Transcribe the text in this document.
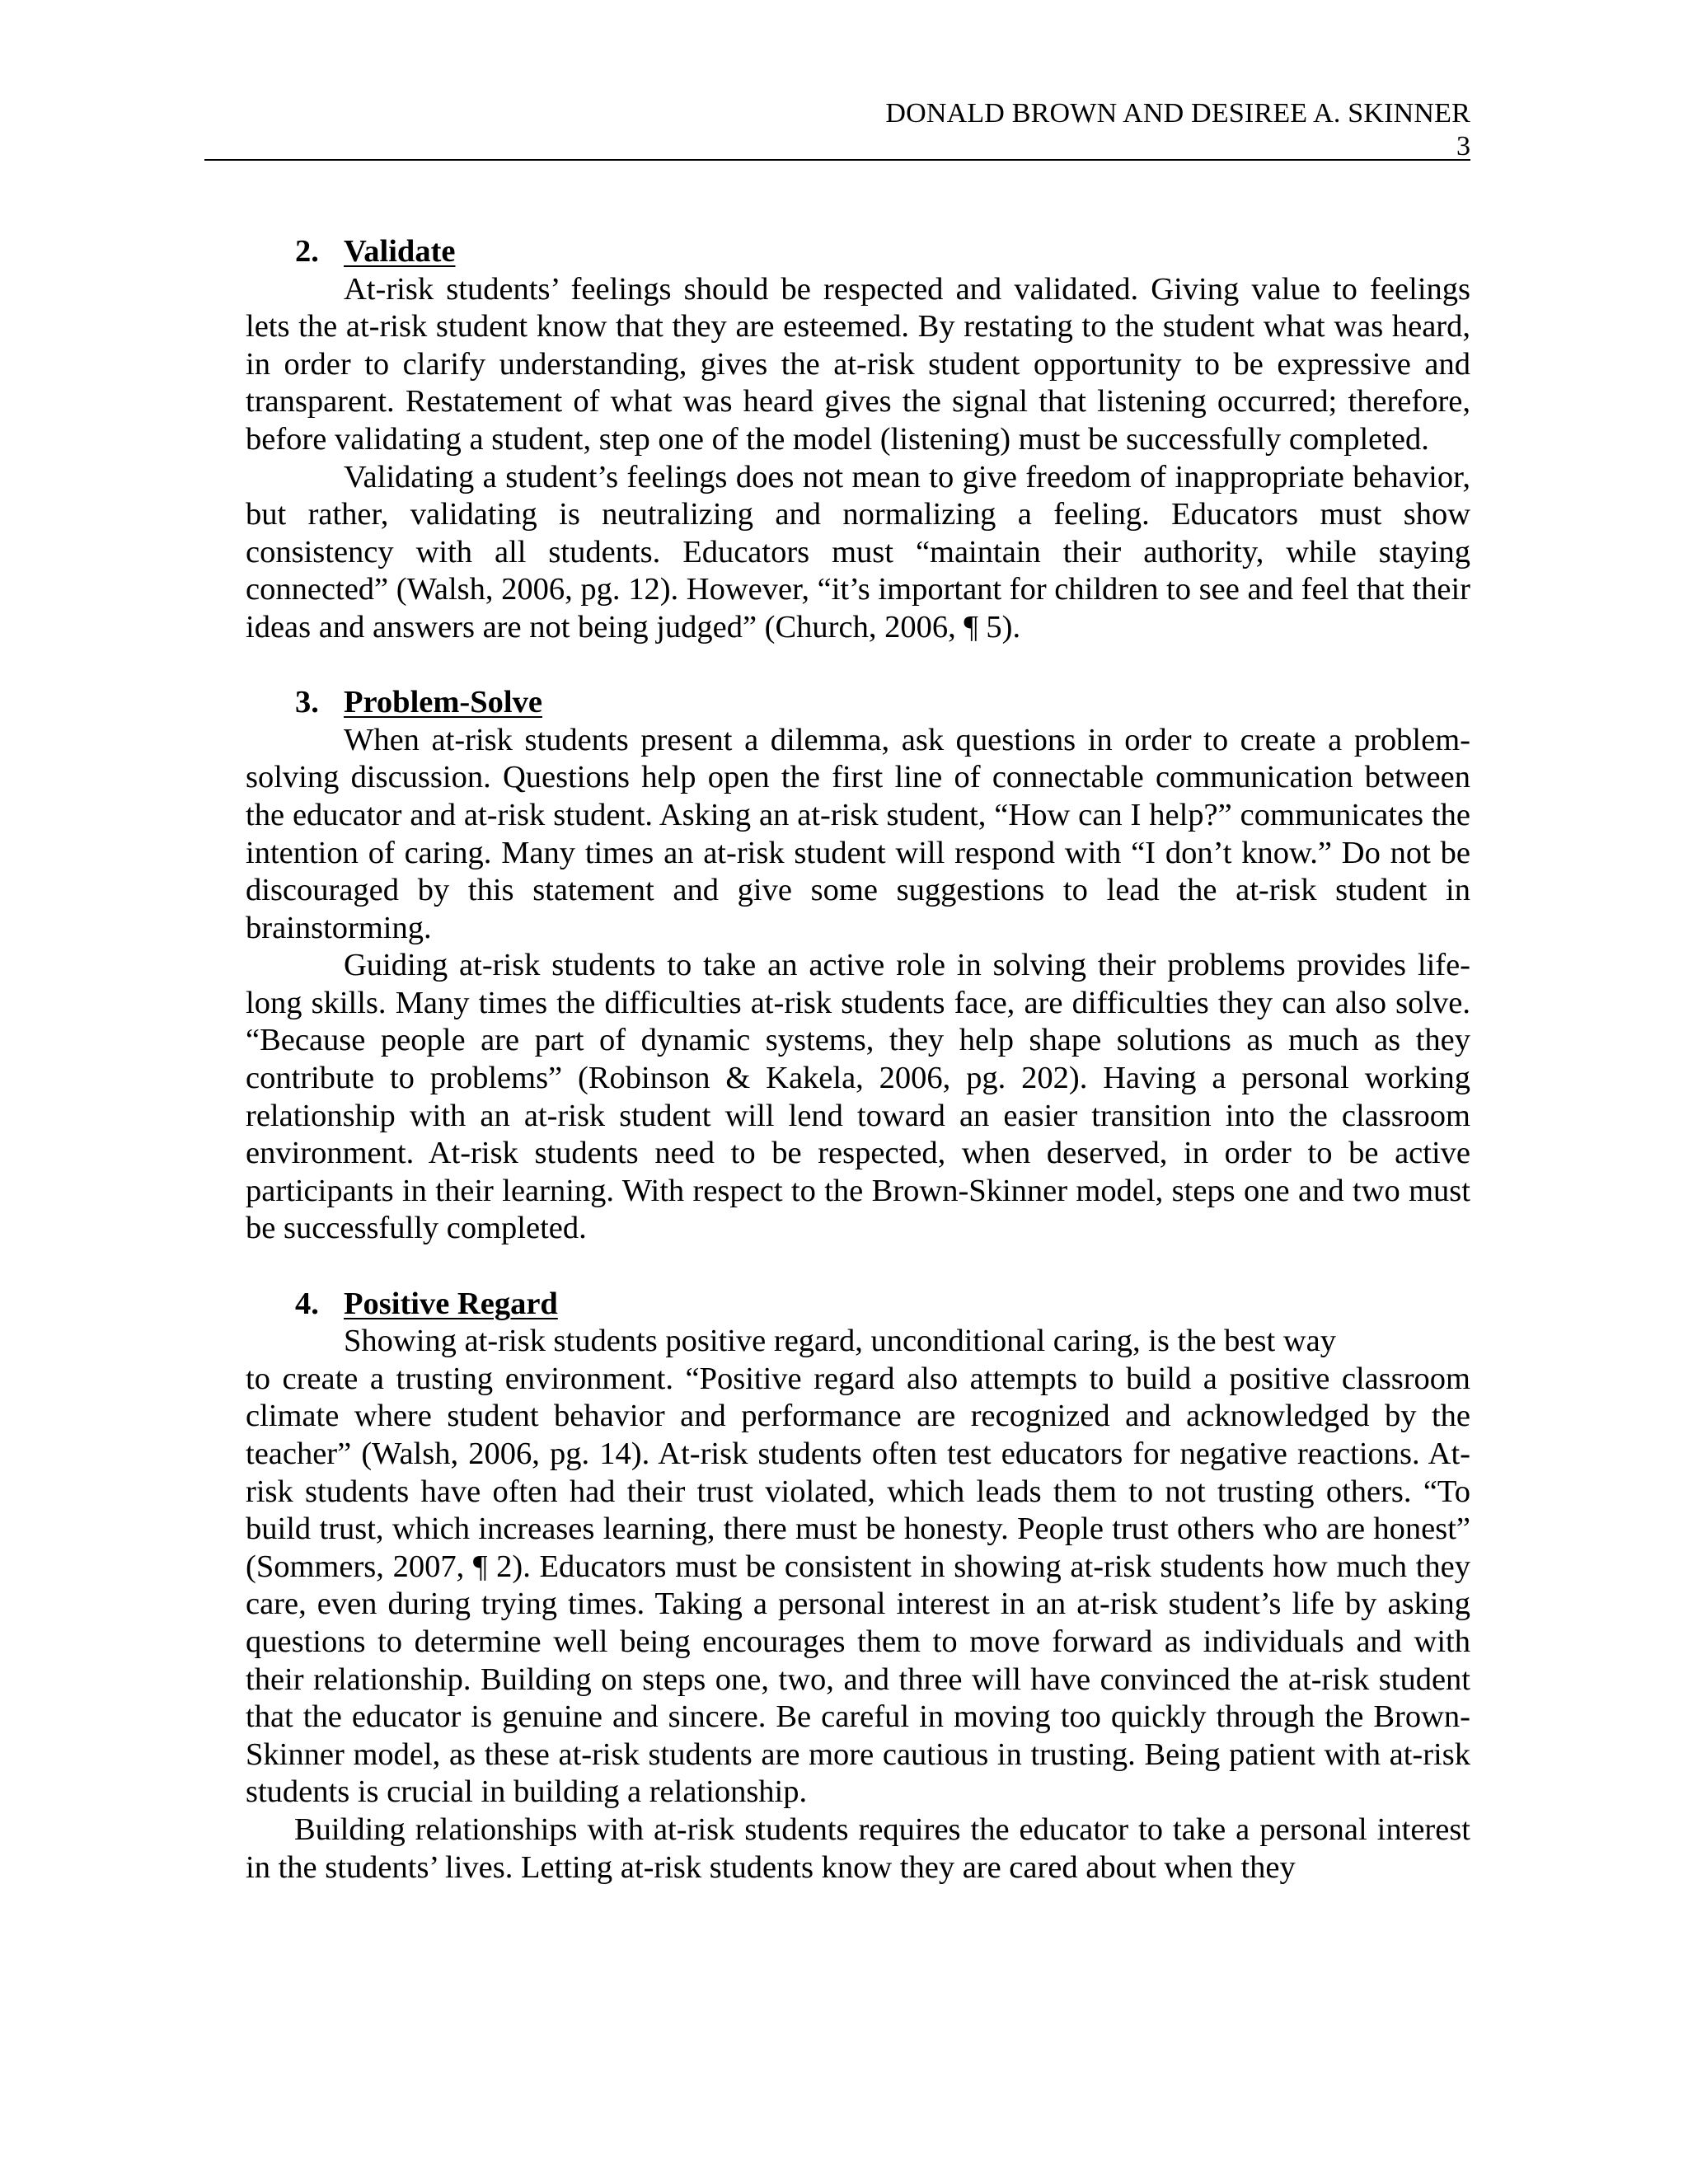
DONALD BROWN AND DESIREE A. SKINNER
3

2. Validate

At-risk students’ feelings should be respected and validated. Giving value to feelings lets the at-risk student know that they are esteemed. By restating to the student what was heard, in order to clarify understanding, gives the at-risk student opportunity to be expressive and transparent. Restatement of what was heard gives the signal that listening occurred; therefore, before validating a student, step one of the model (listening) must be successfully completed.

Validating a student’s feelings does not mean to give freedom of inappropriate behavior, but rather, validating is neutralizing and normalizing a feeling. Educators must show consistency with all students. Educators must “maintain their authority, while staying connected” (Walsh, 2006, pg. 12). However, “it’s important for children to see and feel that their ideas and answers are not being judged” (Church, 2006, ¶ 5).

3. Problem-Solve

When at-risk students present a dilemma, ask questions in order to create a problem-solving discussion. Questions help open the first line of connectable communication between the educator and at-risk student. Asking an at-risk student, “How can I help?” communicates the intention of caring. Many times an at-risk student will respond with “I don’t know.” Do not be discouraged by this statement and give some suggestions to lead the at-risk student in brainstorming.

Guiding at-risk students to take an active role in solving their problems provides life-long skills. Many times the difficulties at-risk students face, are difficulties they can also solve. “Because people are part of dynamic systems, they help shape solutions as much as they contribute to problems” (Robinson & Kakela, 2006, pg. 202). Having a personal working relationship with an at-risk student will lend toward an easier transition into the classroom environment. At-risk students need to be respected, when deserved, in order to be active participants in their learning. With respect to the Brown-Skinner model, steps one and two must be successfully completed.

4. Positive Regard

Showing at-risk students positive regard, unconditional caring, is the best way

to create a trusting environment. “Positive regard also attempts to build a positive classroom climate where student behavior and performance are recognized and acknowledged by the teacher” (Walsh, 2006, pg. 14). At-risk students often test educators for negative reactions. At-risk students have often had their trust violated, which leads them to not trusting others. “To build trust, which increases learning, there must be honesty. People trust others who are honest” (Sommers, 2007, ¶ 2). Educators must be consistent in showing at-risk students how much they care, even during trying times. Taking a personal interest in an at-risk student’s life by asking questions to determine well being encourages them to move forward as individuals and with their relationship. Building on steps one, two, and three will have convinced the at-risk student that the educator is genuine and sincere. Be careful in moving too quickly through the Brown-Skinner model, as these at-risk students are more cautious in trusting. Being patient with at-risk students is crucial in building a relationship.

Building relationships with at-risk students requires the educator to take a personal interest in the students’ lives. Letting at-risk students know they are cared about when they
